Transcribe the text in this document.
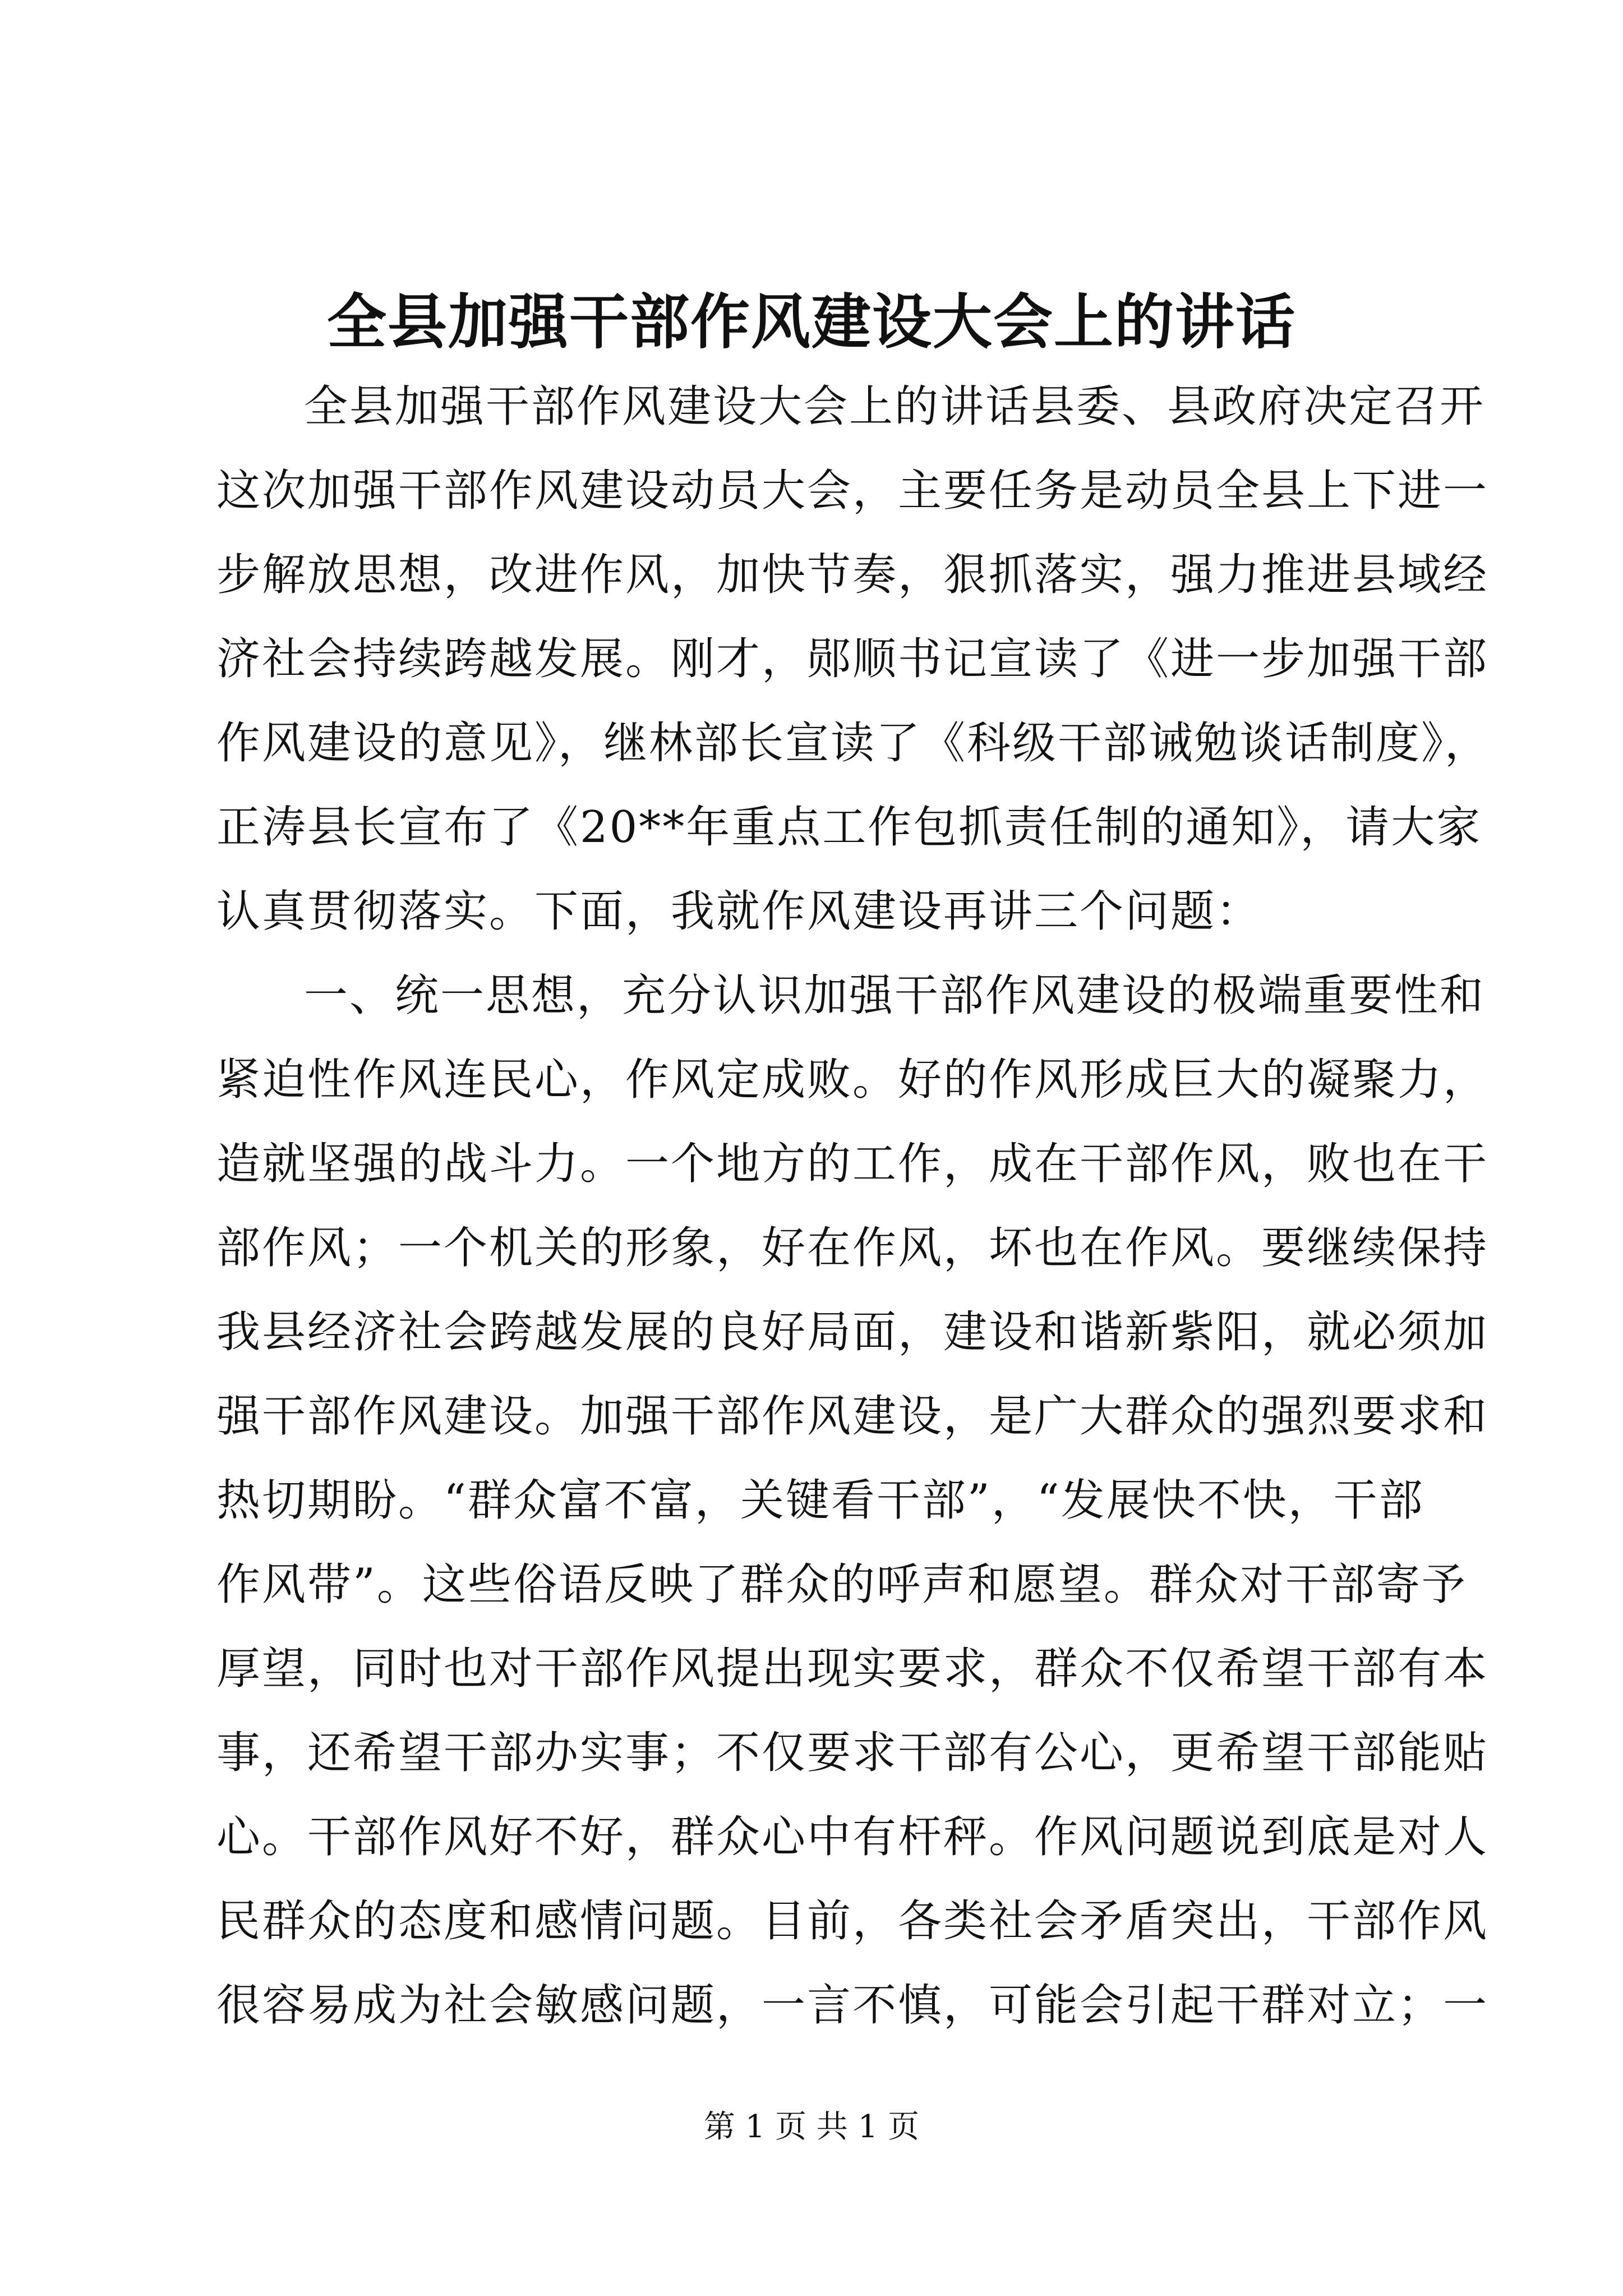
全县加强干部作风建设大会上的讲话
全县加强干部作风建设大会上的讲话县委、县政府决定召开
这次加强干部作风建设动员大会，主要任务是动员全县上下进一
步解放思想，改进作风，加快节奏，狠抓落实，强力推进县域经
济社会持续跨越发展。刚才，郧顺书记宣读了《进一步加强干部
作风建设的意见》，继林部长宣读了《科级干部诫勉谈话制度》，
正涛县长宣布了《20**年重点工作包抓责任制的通知》，请大家
认真贯彻落实。下面，我就作风建设再讲三个问题：
一、统一思想，充分认识加强干部作风建设的极端重要性和
紧迫性作风连民心，作风定成败。好的作风形成巨大的凝聚力，
造就坚强的战斗力。一个地方的工作，成在干部作风，败也在干
部作风；一个机关的形象，好在作风，坏也在作风。要继续保持
我县经济社会跨越发展的良好局面，建设和谐新紫阳，就必须加
强干部作风建设。加强干部作风建设，是广大群众的强烈要求和
热切期盼。“群众富不富，关键看干部”，“发展快不快，干部
作风带”。这些俗语反映了群众的呼声和愿望。群众对干部寄予
厚望，同时也对干部作风提出现实要求，群众不仅希望干部有本
事，还希望干部办实事；不仅要求干部有公心，更希望干部能贴
心。干部作风好不好，群众心中有杆秤。作风问题说到底是对人
民群众的态度和感情问题。目前，各类社会矛盾突出，干部作风
很容易成为社会敏感问题，一言不慎，可能会引起干群对立；一
第 1 页 共 1 页
